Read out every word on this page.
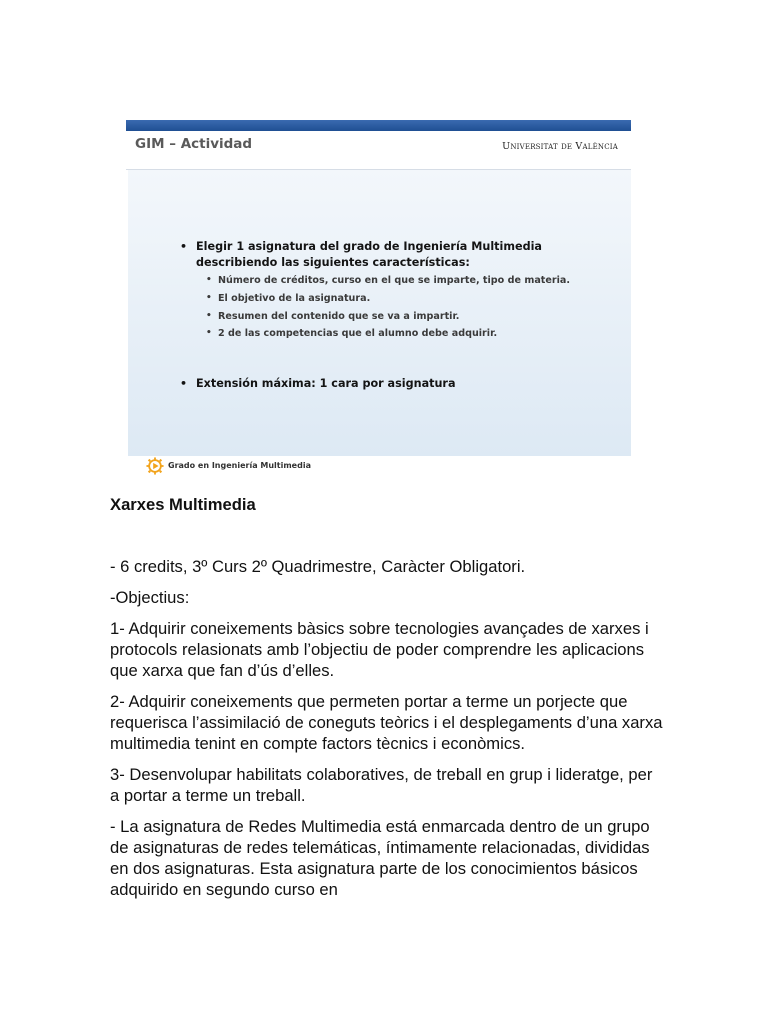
GIM – Actividad	Universitat de València
• Elegir 1 asignatura del grado de Ingeniería Multimedia describiendo las siguientes características:
• Número de créditos, curso en el que se imparte, tipo de materia.
• El objetivo de la asignatura.
• Resumen del contenido que se va a impartir.
• 2 de las competencias que el alumno debe adquirir.
• Extensión máxima: 1 cara por asignatura
Grado en Ingeniería Multimedia
Xarxes Multimedia

- 6 credits, 3º Curs 2º Quadrimestre, Caràcter Obligatori.

-Objectius:

1- Adquirir coneixements bàsics sobre tecnologies avançades de xarxes i protocols relasionats amb l’objectiu de poder comprendre les aplicacions que xarxa que fan d’ús d’elles.

2- Adquirir coneixements que permeten portar a terme un porjecte que requerisca l’assimilació de coneguts teòrics i el desplegaments d’una xarxa multimedia tenint en compte factors tècnics i econòmics.

3- Desenvolupar habilitats colaboratives, de treball en grup i lideratge, per a portar a terme un treball.

- La asignatura de Redes Multimedia está enmarcada dentro de un grupo de asignaturas de redes telemáticas, íntimamente relacionadas, divididas en dos asignaturas. Esta asignatura parte de los conocimientos básicos adquirido en segundo curso en
